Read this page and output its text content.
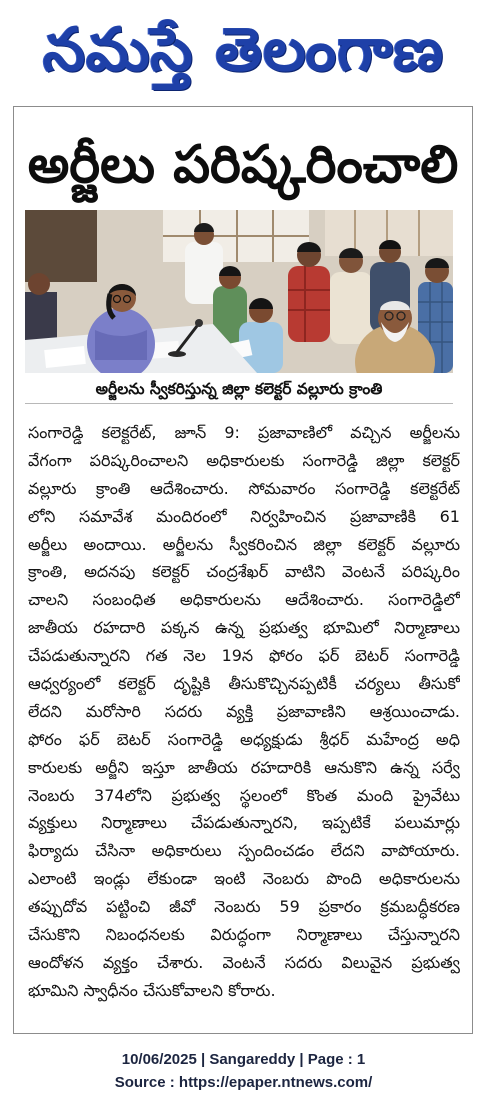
నమస్తే తెలంగాణ
అర్జీలు పరిష్కరించాలి
అర్జీలను స్వీకరిస్తున్న జిల్లా కలెక్టర్ వల్లూరు క్రాంతి
సంగారెడ్డి కలెక్టరేట్, జూన్ 9: ప్రజావాణిలో వచ్చిన అర్జీలను
వేగంగా పరిష్కరించాలని అధికారులకు సంగారెడ్డి జిల్లా కలెక్టర్
వల్లూరు క్రాంతి ఆదేశించారు. సోమవారం సంగారెడ్డి కలెక్టరేట్
లోని సమావేశ మందిరంలో నిర్వహించిన ప్రజావాణికి 61
అర్జీలు అందాయి. అర్జీలను స్వీకరించిన జిల్లా కలెక్టర్ వల్లూరు
క్రాంతి, అదనపు కలెక్టర్ చంద్రశేఖర్ వాటిని వెంటనే పరిష్కరిం
చాలని సంబంధిత అధికారులను ఆదేశించారు. సంగారెడ్డిలో
జాతీయ రహదారి పక్కన ఉన్న ప్రభుత్వ భూమిలో నిర్మాణాలు
చేపడుతున్నారని గత నెల 19న ఫోరం ఫర్ బెటర్ సంగారెడ్డి
ఆధ్వర్యంలో కలెక్టర్ దృష్టికి తీసుకొచ్చినప్పటికీ చర్యలు తీసుకో
లేదని మరోసారి సదరు వ్యక్తి ప్రజావాణిని ఆశ్రయించాడు.
ఫోరం ఫర్ బెటర్ సంగారెడ్డి అధ్యక్షుడు శ్రీధర్ మహేంద్ర అధి
కారులకు అర్జీని ఇస్తూ జాతీయ రహదారికి ఆనుకొని ఉన్న సర్వే
నెంబరు 374లోని ప్రభుత్వ స్థలంలో కొంత మంది ప్రైవేటు
వ్యక్తులు నిర్మాణాలు చేపడుతున్నారని, ఇప్పటికే పలుమార్లు
ఫిర్యాదు చేసినా అధికారులు స్పందించడం లేదని వాపోయారు.
ఎలాంటి ఇండ్లు లేకుండా ఇంటి నెంబరు పొంది అధికారులను
తప్పుదోవ పట్టించి జీవో నెంబరు 59 ప్రకారం క్రమబద్ధీకరణ
చేసుకొని నిబంధనలకు విరుద్ధంగా నిర్మాణాలు చేస్తున్నారని
ఆందోళన వ్యక్తం చేశారు. వెంటనే సదరు విలువైన ప్రభుత్వ
భూమిని స్వాధీనం చేసుకోవాలని కోరారు.
10/06/2025 | Sangareddy | Page : 1
Source : https://epaper.ntnews.com/
